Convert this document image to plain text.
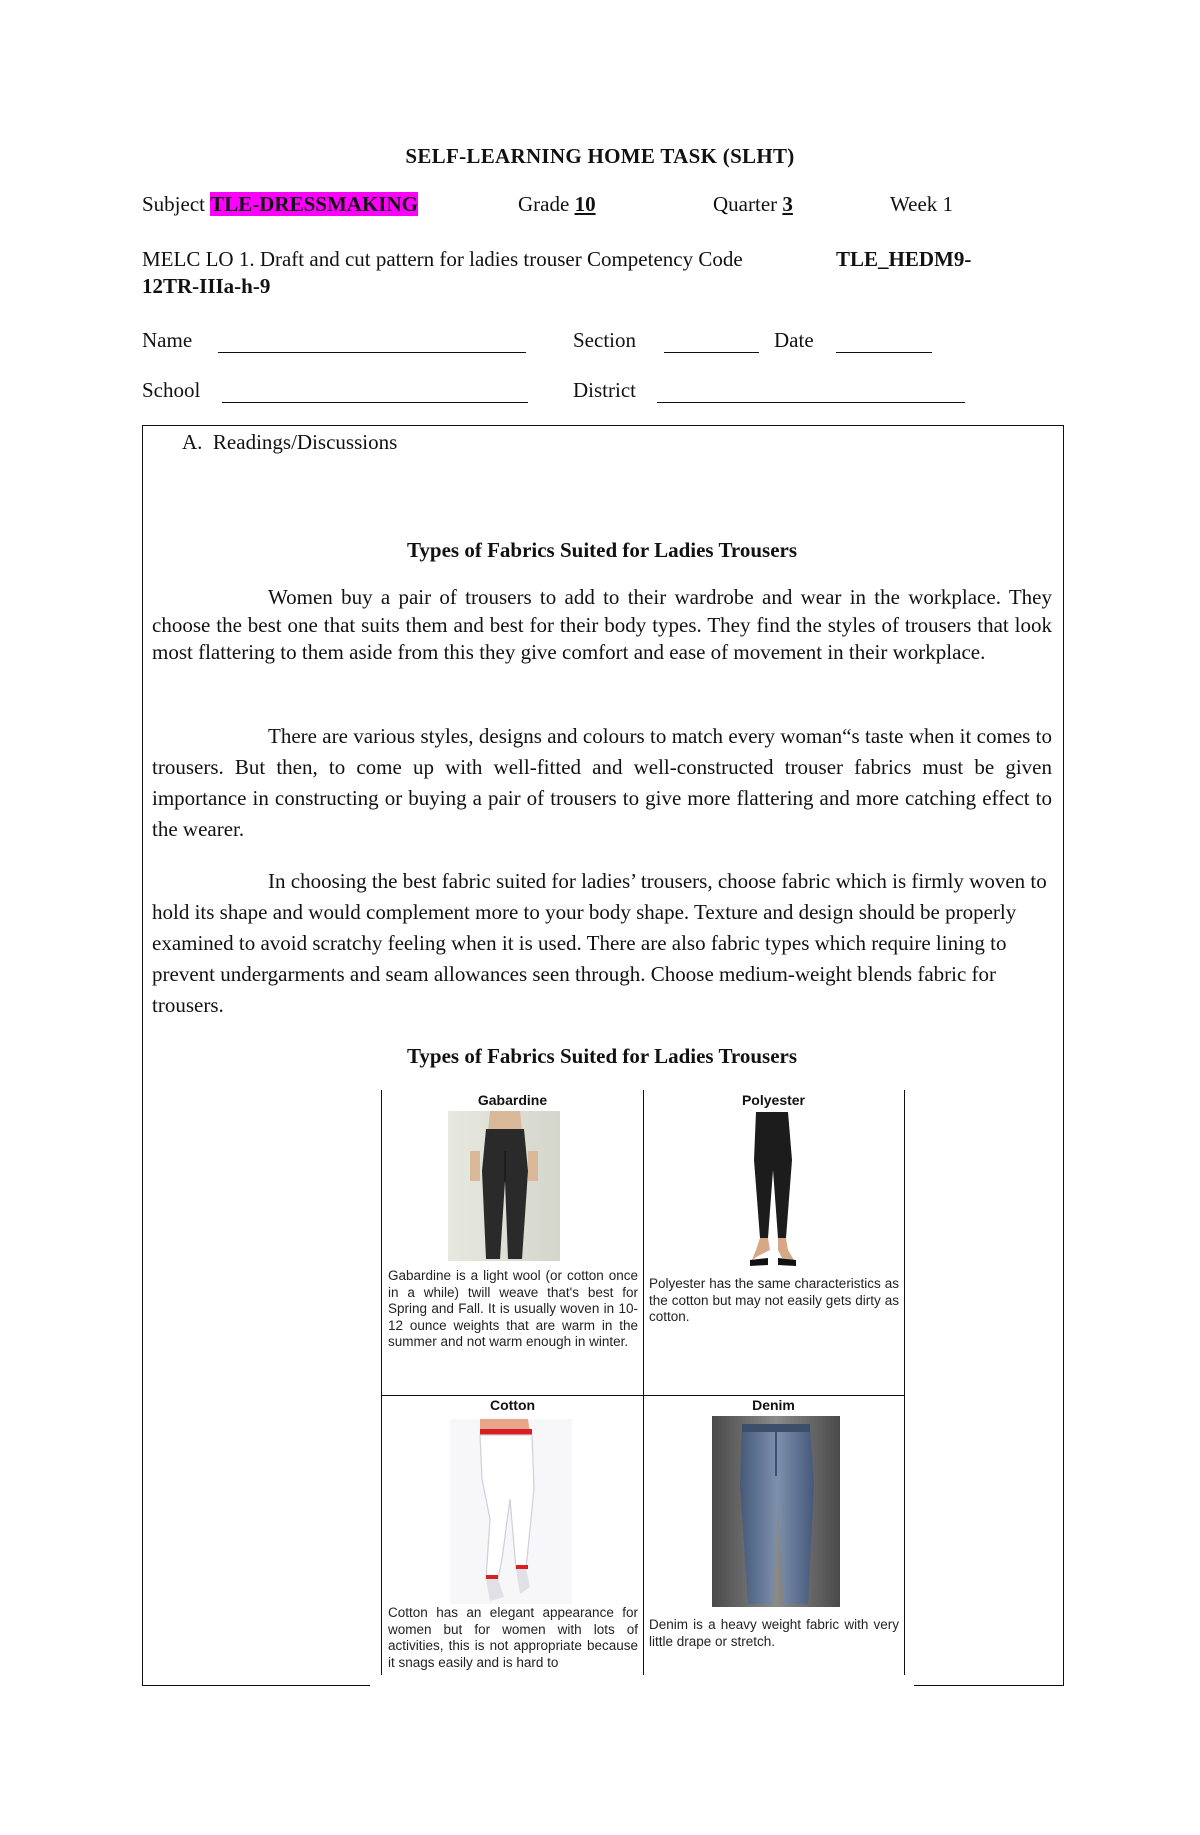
SELF-LEARNING HOME TASK (SLHT)
Subject TLE-DRESSMAKING	Grade 10	Quarter 3	Week 1
MELC LO 1. Draft and cut pattern for ladies trouser Competency Code	TLE_HEDM9-
12TR-IIIa-h-9
Name	Section	Date
School	District
A.  Readings/Discussions
Types of Fabrics Suited for Ladies Trousers
Women buy a pair of trousers to add to their wardrobe and wear in the workplace. They choose the best one that suits them and best for their body types. They find the styles of trousers that look most flattering to them aside from this they give comfort and ease of movement in their workplace.
There are various styles, designs and colours to match every woman“s taste when it comes to trousers. But then, to come up with well-fitted and well-constructed trouser fabrics must be given importance in constructing or buying a pair of trousers to give more flattering and more catching effect to the wearer.
In choosing the best fabric suited for ladies’ trousers, choose fabric which is firmly woven to hold its shape and would complement more to your body shape. Texture and design should be properly examined to avoid scratchy feeling when it is used. There are also fabric types which require lining to prevent undergarments and seam allowances seen through. Choose medium-weight blends fabric for trousers.
Types of Fabrics Suited for Ladies Trousers
Gabardine
Gabardine is a light wool (or cotton once in a while) twill weave that's best for Spring and Fall. It is usually woven in 10-12 ounce weights that are warm in the summer and not warm enough in winter.
Polyester
Polyester has the same characteristics as the cotton but may not easily gets dirty as cotton.
Cotton
Cotton has an elegant appearance for women but for women with lots of activities, this is not appropriate because it snags easily and is hard to
Denim
Denim is a heavy weight fabric with very little drape or stretch.
